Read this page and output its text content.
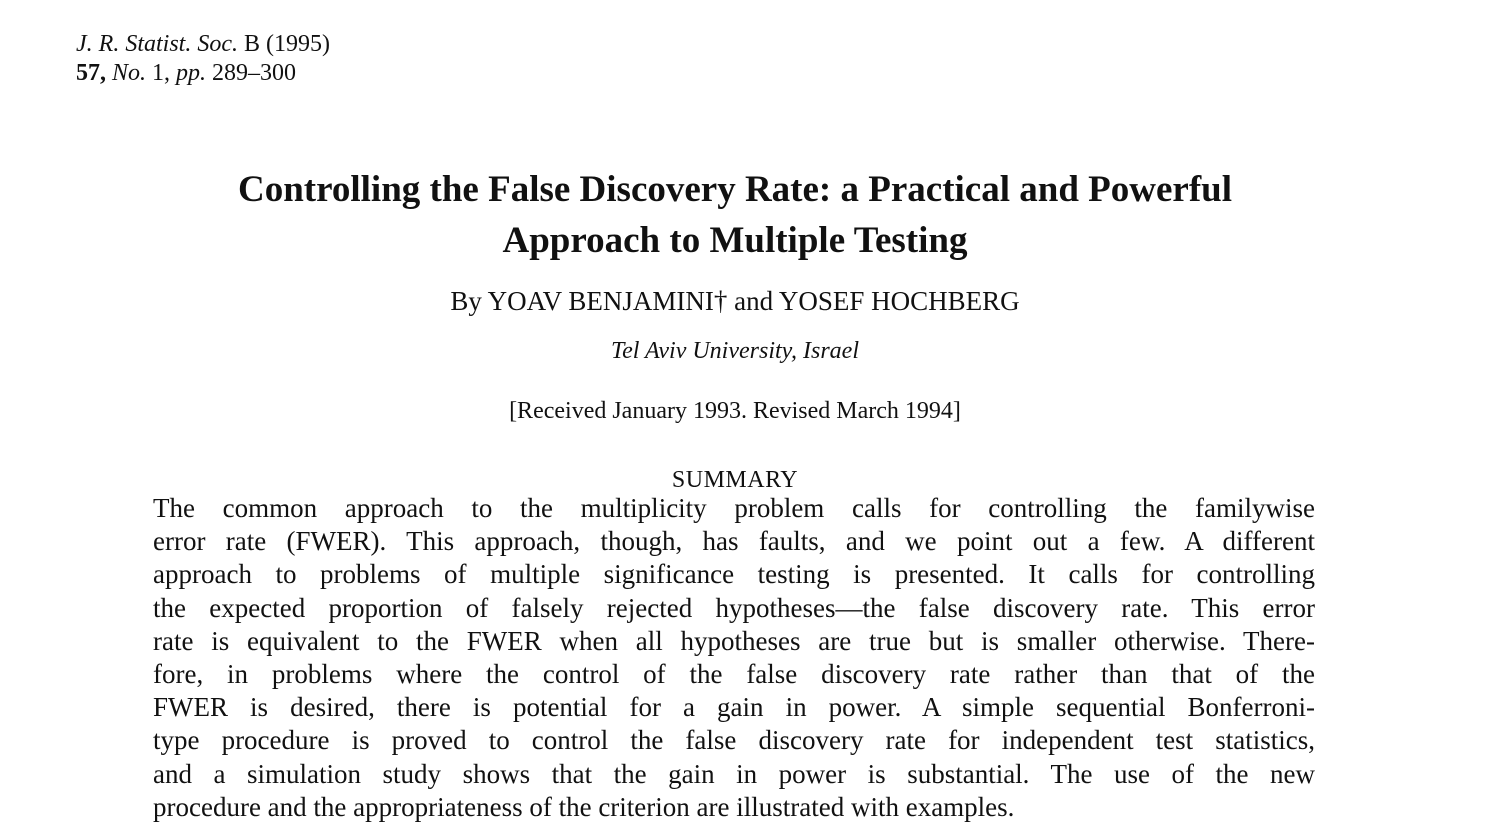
J. R. Statist. Soc. B (1995)
57, No. 1, pp. 289–300
Controlling the False Discovery Rate: a Practical and Powerful
Approach to Multiple Testing
By YOAV BENJAMINI† and YOSEF HOCHBERG
Tel Aviv University, Israel
[Received January 1993. Revised March 1994]
SUMMARY
The common approach to the multiplicity problem calls for controlling the familywise
error rate (FWER). This approach, though, has faults, and we point out a few. A different
approach to problems of multiple significance testing is presented. It calls for controlling
the expected proportion of falsely rejected hypotheses—the false discovery rate. This error
rate is equivalent to the FWER when all hypotheses are true but is smaller otherwise. There-
fore, in problems where the control of the false discovery rate rather than that of the
FWER is desired, there is potential for a gain in power. A simple sequential Bonferroni-
type procedure is proved to control the false discovery rate for independent test statistics,
and a simulation study shows that the gain in power is substantial. The use of the new
procedure and the appropriateness of the criterion are illustrated with examples.
